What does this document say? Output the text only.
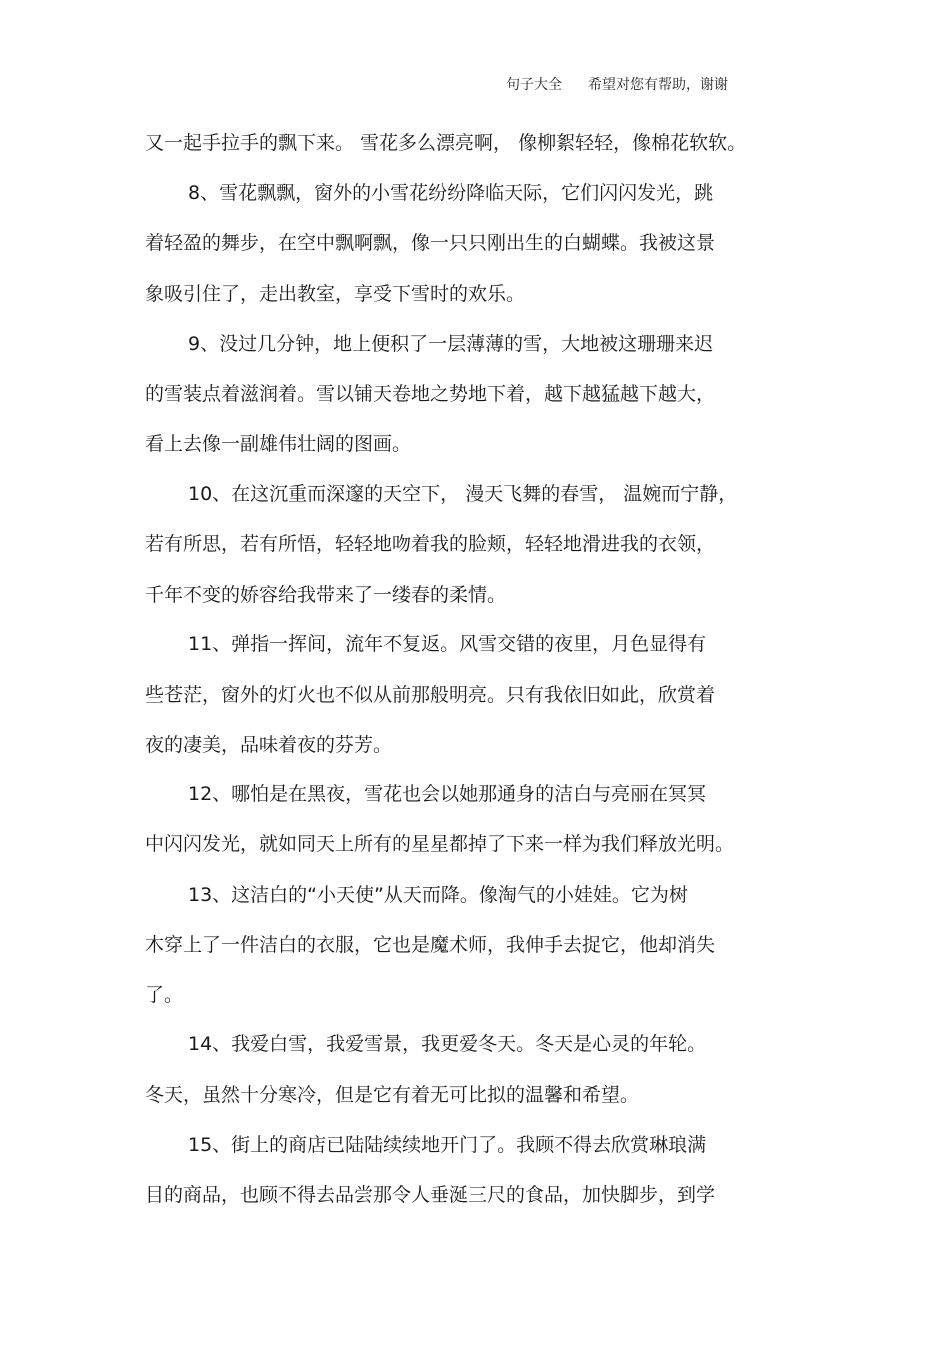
句子大全 希望对您有帮助，谢谢
又一起手拉手的飘下来。 雪花多么漂亮啊， 像柳絮轻轻，像棉花软软。
8、雪花飘飘，窗外的小雪花纷纷降临天际，它们闪闪发光，跳
着轻盈的舞步，在空中飘啊飘，像一只只刚出生的白蝴蝶。我被这景
象吸引住了，走出教室，享受下雪时的欢乐。
9、没过几分钟，地上便积了一层薄薄的雪，大地被这珊珊来迟
的雪装点着滋润着。雪以铺天卷地之势地下着，越下越猛越下越大，
看上去像一副雄伟壮阔的图画。
10、在这沉重而深邃的天空下， 漫天飞舞的春雪， 温婉而宁静，
若有所思，若有所悟，轻轻地吻着我的脸颊，轻轻地滑进我的衣领，
千年不变的娇容给我带来了一缕春的柔情。
11、弹指一挥间，流年不复返。风雪交错的夜里，月色显得有
些苍茫，窗外的灯火也不似从前那般明亮。只有我依旧如此，欣赏着
夜的凄美，品味着夜的芬芳。
12、哪怕是在黑夜，雪花也会以她那通身的洁白与亮丽在冥冥
中闪闪发光，就如同天上所有的星星都掉了下来一样为我们释放光明。
13、这洁白的“小天使”从天而降。像淘气的小娃娃。它为树
木穿上了一件洁白的衣服，它也是魔术师，我伸手去捉它，他却消失
了。
14、我爱白雪，我爱雪景，我更爱冬天。冬天是心灵的年轮。
冬天，虽然十分寒冷，但是它有着无可比拟的温馨和希望。
15、街上的商店已陆陆续续地开门了。我顾不得去欣赏琳琅满
目的商品，也顾不得去品尝那令人垂涎三尺的食品，加快脚步，到学
